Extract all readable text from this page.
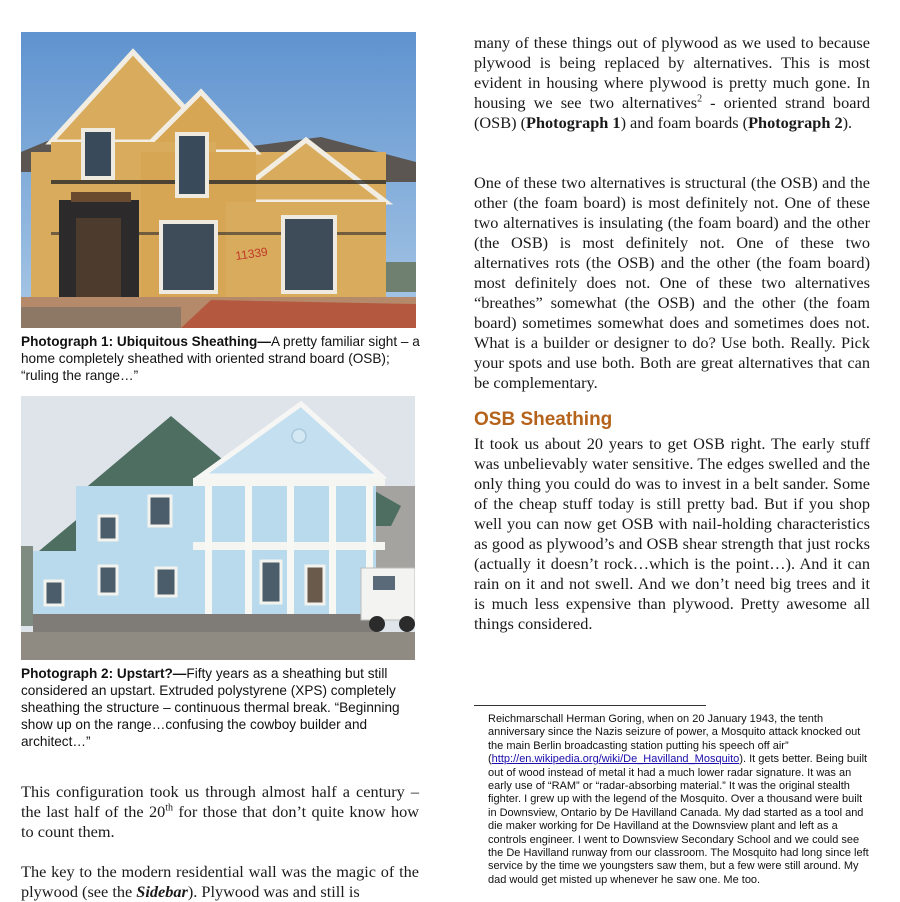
11339
Photograph 1: Ubiquitous Sheathing—A pretty familiar sight – a home completely sheathed with oriented strand board (OSB); “ruling the range…”
Photograph 2: Upstart?—Fifty years as a sheathing but still considered an upstart. Extruded polystyrene (XPS) completely sheathing the structure – continuous thermal break. “Beginning show up on the range…confusing the cowboy builder and architect…”
This configuration took us through almost half a century – the last half of the 20th for those that don’t quite know how to count them.
The key to the modern residential wall was the magic of the plywood (see the Sidebar). Plywood was and still is
many of these things out of plywood as we used to because plywood is being replaced by alternatives. This is most evident in housing where plywood is pretty much gone. In housing we see two alternatives$^2$ - oriented strand board (OSB) (Photograph 1) and foam boards (Photograph 2).
One of these two alternatives is structural (the OSB) and the other (the foam board) is most definitely not. One of these two alternatives is insulating (the foam board) and the other (the OSB) is most definitely not. One of these two alternatives rots (the OSB) and the other (the foam board) most definitely does not. One of these two alternatives “breathes” somewhat (the OSB) and the other (the foam board) sometimes somewhat does and sometimes does not. What is a builder or designer to do? Use both. Really. Pick your spots and use both. Both are great alternatives that can be complementary.
OSB Sheathing
It took us about 20 years to get OSB right. The early stuff was unbelievably water sensitive. The edges swelled and the only thing you could do was to invest in a belt sander. Some of the cheap stuff today is still pretty bad. But if you shop well you can now get OSB with nail-holding characteristics as good as plywood’s and OSB shear strength that just rocks (actually it doesn’t rock…which is the point…). And it can rain on it and not swell. And we don’t need big trees and it is much less expensive than plywood. Pretty awesome all things considered.
Reichmarschall Herman Goring, when on 20 January 1943, the tenth anniversary since the Nazis seizure of power, a Mosquito attack knocked out the main Berlin broadcasting station putting his speech off air” (http://en.wikipedia.org/wiki/De_Havilland_Mosquito). It gets better. Being built out of wood instead of metal it had a much lower radar signature. It was an early use of “RAM” or “radar-absorbing material.” It was the original stealth fighter. I grew up with the legend of the Mosquito. Over a thousand were built in Downsview, Ontario by De Havilland Canada. My dad started as a tool and die maker working for De Havilland at the Downsview plant and left as a controls engineer. I went to Downsview Secondary School and we could see the De Havilland runway from our classroom. The Mosquito had long since left service by the time we youngsters saw them, but a few were still around. My dad would get misted up whenever he saw one. Me too.
